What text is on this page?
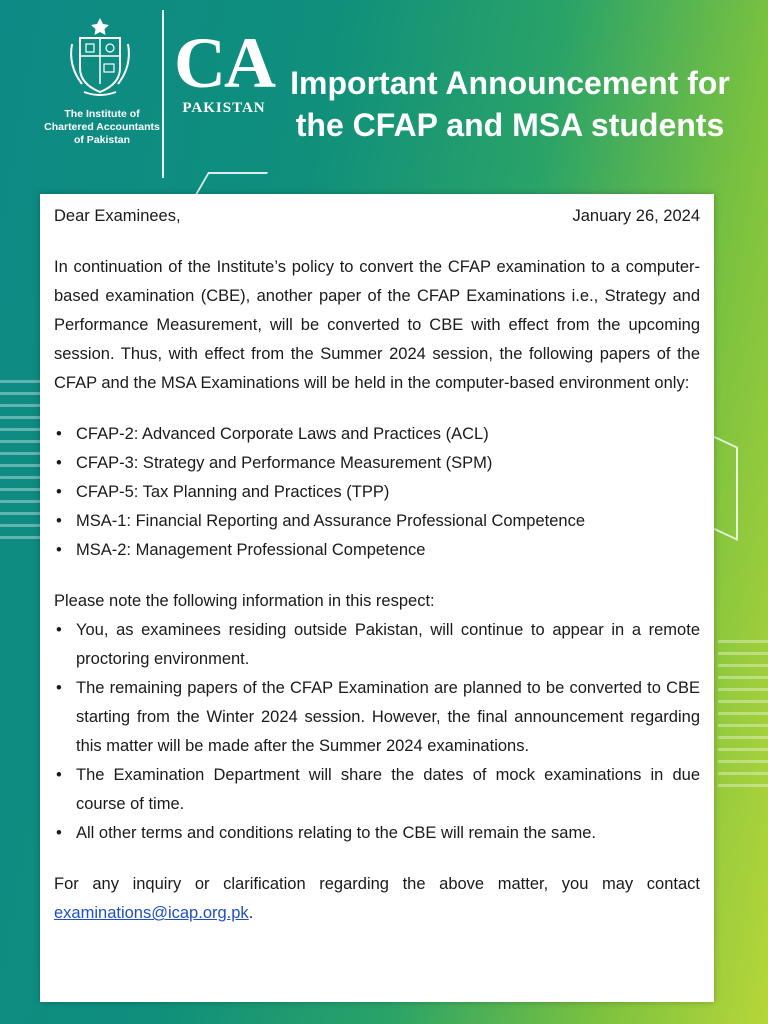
The Institute of
Chartered Accountants
of Pakistan
CA
PAKISTAN
Important Announcement for
the CFAP and MSA students
Dear Examinees,	January 26, 2024

In continuation of the Institute’s policy to convert the CFAP examination to a computer-based examination (CBE), another paper of the CFAP Examinations i.e., Strategy and Performance Measurement, will be converted to CBE with effect from the upcoming session. Thus, with effect from the Summer 2024 session, the following papers of the CFAP and the MSA Examinations will be held in the computer-based environment only:

• CFAP-2: Advanced Corporate Laws and Practices (ACL)
• CFAP-3: Strategy and Performance Measurement (SPM)
• CFAP-5: Tax Planning and Practices (TPP)
• MSA-1: Financial Reporting and Assurance Professional Competence
• MSA-2: Management Professional Competence
Please note the following information in this respect:
• You, as examinees residing outside Pakistan, will continue to appear in a remote proctoring environment.
• The remaining papers of the CFAP Examination are planned to be converted to CBE starting from the Winter 2024 session. However, the final announcement regarding this matter will be made after the Summer 2024 examinations.
• The Examination Department will share the dates of mock examinations in due course of time.
• All other terms and conditions relating to the CBE will remain the same.

For any inquiry or clarification regarding the above matter, you may contact examinations@icap.org.pk.
